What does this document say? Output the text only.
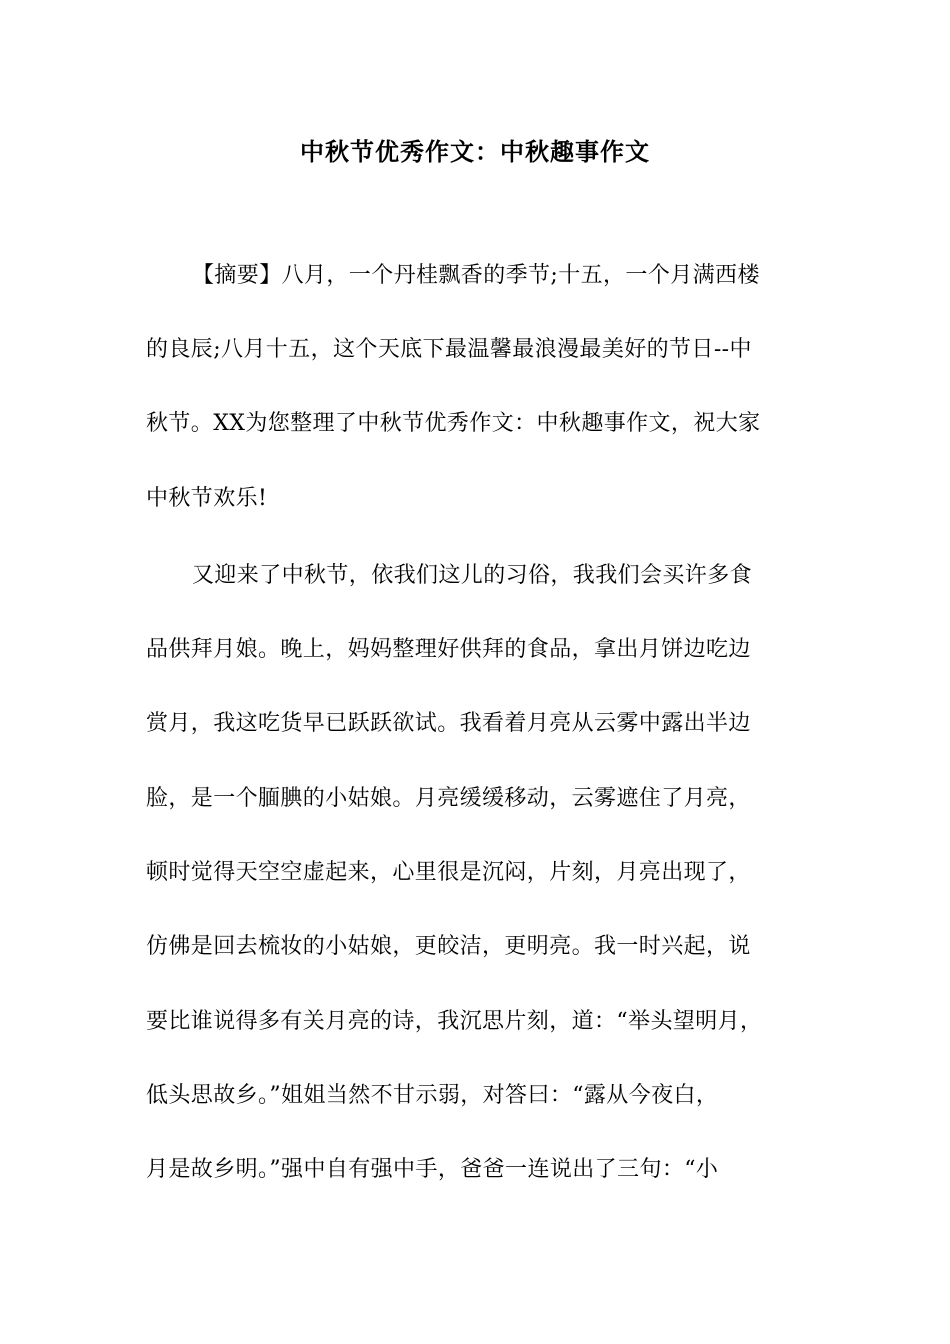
中秋节优秀作文：中秋趣事作文
【摘要】八月，一个丹桂飘香的季节;十五，一个月满西楼
的良辰;八月十五，这个天底下最温馨最浪漫最美好的节日--中
秋节。XX为您整理了中秋节优秀作文：中秋趣事作文，祝大家
中秋节欢乐!
又迎来了中秋节，依我们这儿的习俗，我我们会买许多食
品供拜月娘。晚上，妈妈整理好供拜的食品，拿出月饼边吃边
赏月，我这吃货早已跃跃欲试。我看着月亮从云雾中露出半边
脸，是一个腼腆的小姑娘。月亮缓缓移动，云雾遮住了月亮，
顿时觉得天空空虚起来，心里很是沉闷，片刻，月亮出现了，
仿佛是回去梳妆的小姑娘，更皎洁，更明亮。我一时兴起，说
要比谁说得多有关月亮的诗，我沉思片刻，道：“举头望明月，
低头思故乡。”姐姐当然不甘示弱，对答曰：“露从今夜白，
月是故乡明。”强中自有强中手，爸爸一连说出了三句：“小
